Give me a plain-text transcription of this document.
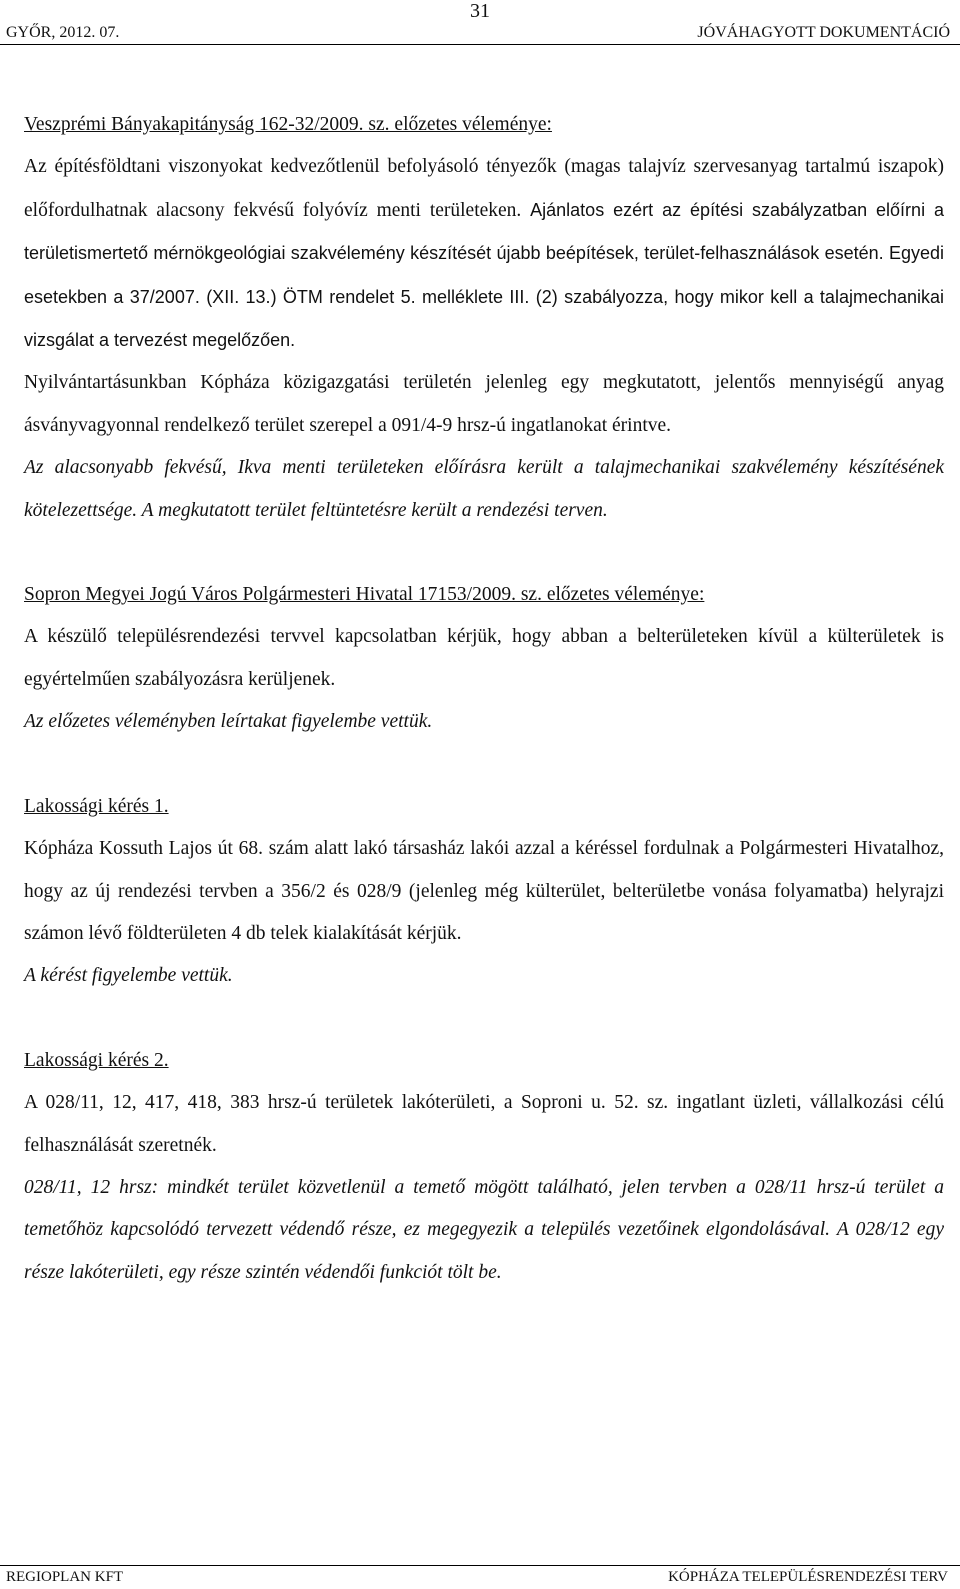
31
GYŐR, 2012. 07.	JÓVÁHAGYOTT DOKUMENTÁCIÓ

Veszprémi Bányakapitányság 162-32/2009. sz. előzetes véleménye:

Az építésföldtani viszonyokat kedvezőtlenül befolyásoló tényezők (magas talajvíz szervesanyag tartalmú iszapok) előfordulhatnak alacsony fekvésű folyóvíz menti területeken. Ajánlatos ezért az építési szabályzatban előírni a területismertető mérnökgeológiai szakvélemény készítését újabb beépítések, terület-felhasználások esetén. Egyedi esetekben a 37/2007. (XII. 13.) ÖTM rendelet 5. melléklete III. (2) szabályozza, hogy mikor kell a talajmechanikai vizsgálat a tervezést megelőzően.

Nyilvántartásunkban Kópháza közigazgatási területén jelenleg egy megkutatott, jelentős mennyiségű anyag ásványvagyonnal rendelkező terület szerepel a 091/4-9 hrsz-ú ingatlanokat érintve.

Az alacsonyabb fekvésű, Ikva menti területeken előírásra került a talajmechanikai szakvélemény készítésének kötelezettsége. A megkutatott terület feltüntetésre került a rendezési terven.

Sopron Megyei Jogú Város Polgármesteri Hivatal 17153/2009. sz. előzetes véleménye:

A készülő településrendezési tervvel kapcsolatban kérjük, hogy abban a belterületeken kívül a külterületek is egyértelműen szabályozásra kerüljenek.

Az előzetes véleményben leírtakat figyelembe vettük.

Lakossági kérés 1.

Kópháza Kossuth Lajos út 68. szám alatt lakó társasház lakói azzal a kéréssel fordulnak a Polgármesteri Hivatalhoz, hogy az új rendezési tervben a 356/2 és 028/9 (jelenleg még külterület, belterületbe vonása folyamatba) helyrajzi számon lévő földterületen 4 db telek kialakítását kérjük.

A kérést figyelembe vettük.

Lakossági kérés 2.

A 028/11, 12, 417, 418, 383 hrsz-ú területek lakóterületi, a Soproni u. 52. sz. ingatlant üzleti, vállalkozási célú felhasználását szeretnék.

028/11, 12 hrsz: mindkét terület közvetlenül a temető mögött található, jelen tervben a 028/11 hrsz-ú terület a temetőhöz kapcsolódó tervezett védendő része, ez megegyezik a település vezetőinek elgondolásával. A 028/12 egy része lakóterületi, egy része szintén védendői funkciót tölt be.

REGIOPLAN KFT	KÓPHÁZA TELEPÜLÉSRENDEZÉSI TERV
